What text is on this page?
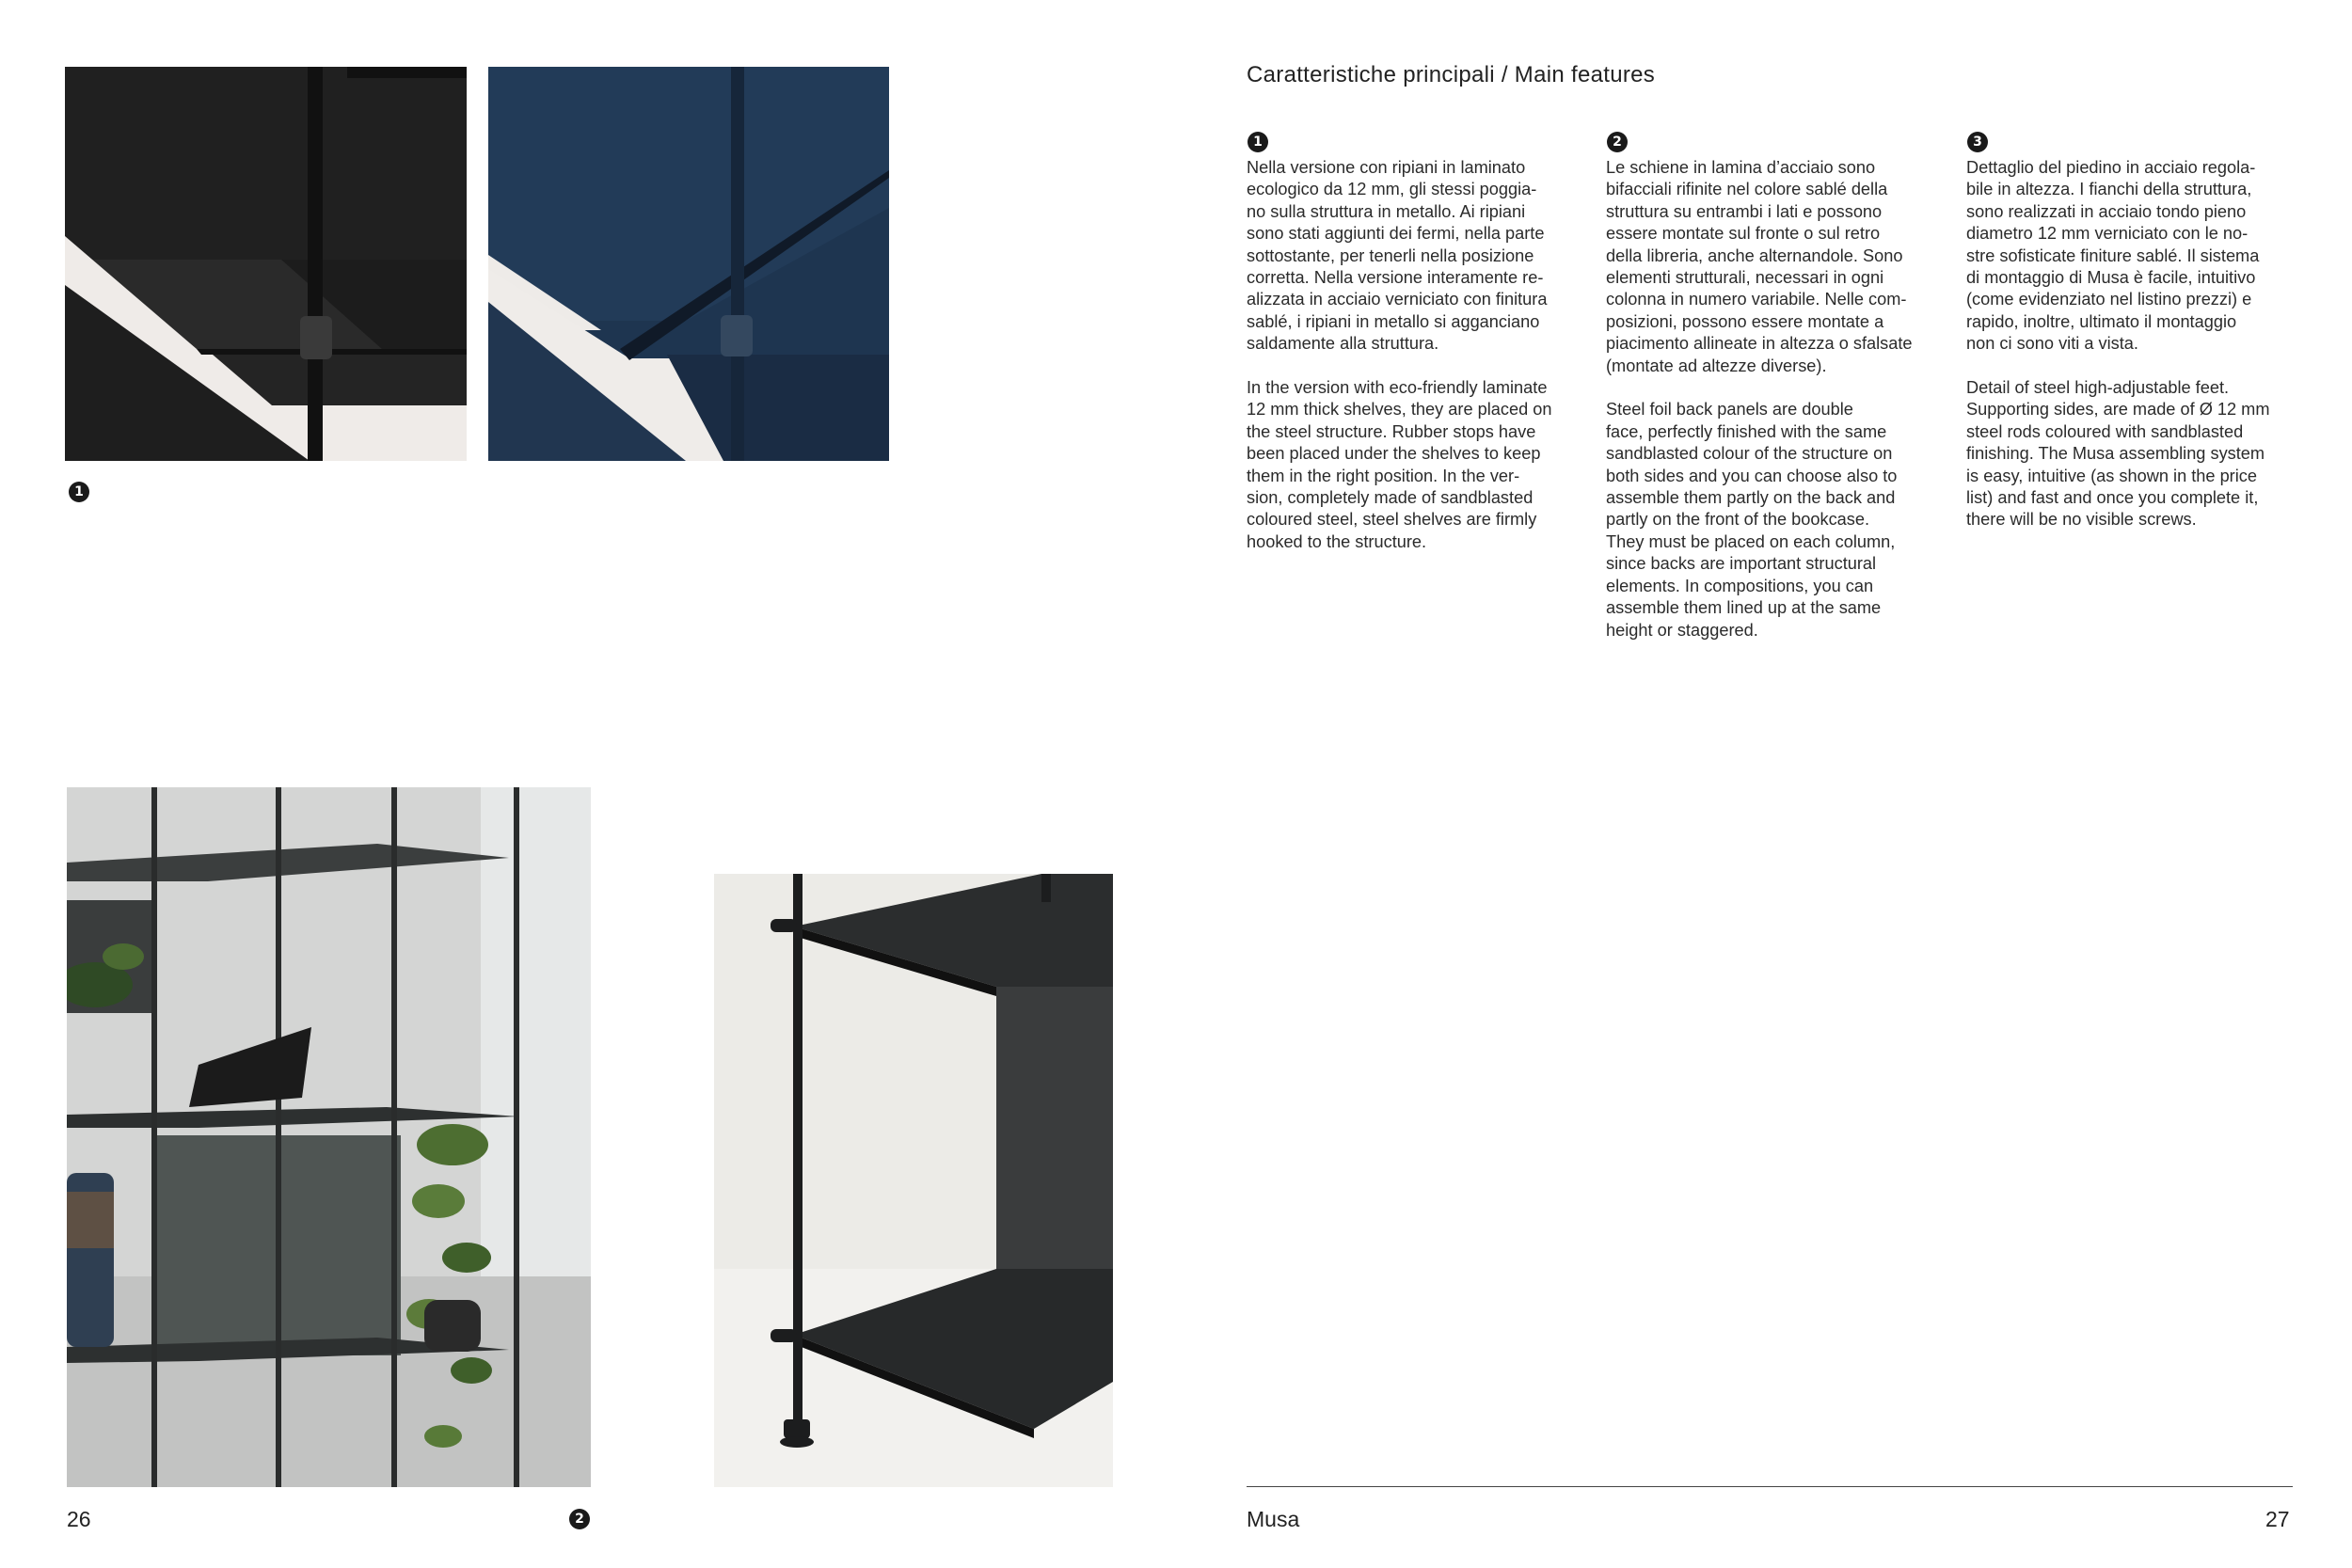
1
26	2
Caratteristiche principali / Main features
1

Nella versione con ripiani in laminato
ecologico da 12 mm, gli stessi poggia-
no sulla struttura in metallo. Ai ripiani
sono stati aggiunti dei fermi, nella parte
sottostante, per tenerli nella posizione
corretta. Nella versione interamente re-
alizzata in acciaio verniciato con finitura
sablé, i ripiani in metallo si agganciano
saldamente alla struttura.

In the version with eco-friendly laminate
12 mm thick shelves, they are placed on
the steel structure. Rubber stops have
been placed under the shelves to keep
them in the right position. In the ver-
sion, completely made of sandblasted
coloured steel, steel shelves are firmly
hooked to the structure.

2

Le schiene in lamina d’acciaio sono
bifacciali rifinite nel colore sablé della
struttura su entrambi i lati e possono
essere montate sul fronte o sul retro
della libreria, anche alternandole. Sono
elementi strutturali, necessari in ogni
colonna in numero variabile. Nelle com-
posizioni, possono essere montate a
piacimento allineate in altezza o sfalsate
(montate ad altezze diverse).

Steel foil back panels are double
face, perfectly finished with the same
sandblasted colour of the structure on
both sides and you can choose also to
assemble them partly on the back and
partly on the front of the bookcase.
They must be placed on each column,
since backs are important structural
elements. In compositions, you can
assemble them lined up at the same
height or staggered.

3

Dettaglio del piedino in acciaio regola-
bile in altezza. I fianchi della struttura,
sono realizzati in acciaio tondo pieno
diametro 12 mm verniciato con le no-
stre sofisticate finiture sablé. Il sistema
di montaggio di Musa è facile, intuitivo
(come evidenziato nel listino prezzi) e
rapido, inoltre, ultimato il montaggio
non ci sono viti a vista.

Detail of steel high-adjustable feet.
Supporting sides, are made of Ø 12 mm
steel rods coloured with sandblasted
finishing. The Musa assembling system
is easy, intuitive (as shown in the price
list) and fast and once you complete it,
there will be no visible screws.

Musa	27
